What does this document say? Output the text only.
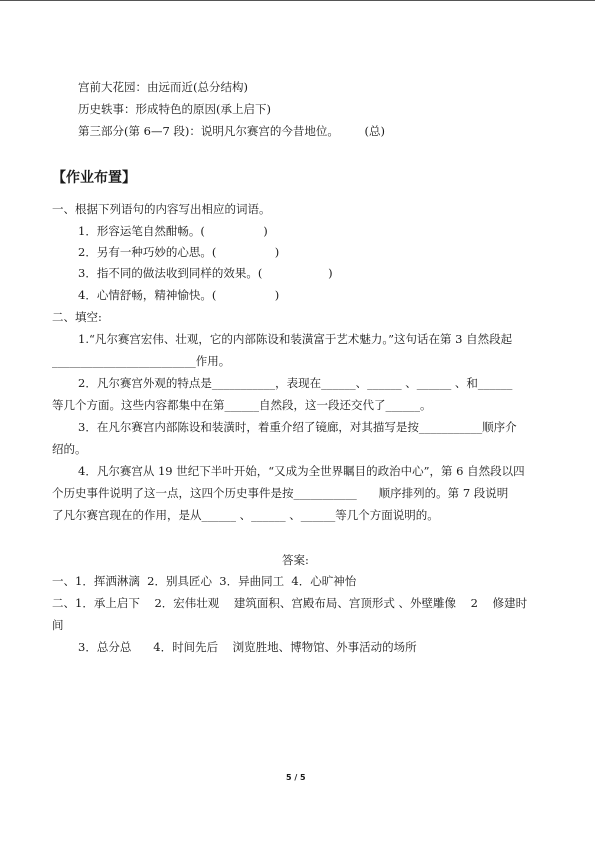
宫前大花园：由远而近(总分结构)
历史轶事：形成特色的原因(承上启下)
第三部分(第 6—7 段)：说明凡尔赛宫的今昔地位。       (总)
【作业布置】
一、根据下列语句的内容写出相应的词语。
1．形容运笔自然酣畅。(                )
2．另有一种巧妙的心思。(                )
3．指不同的做法收到同样的效果。(                  )
4．心情舒畅，精神愉快。(                )
二、填空:
1.“凡尔赛宫宏伟、壮观，它的内部陈设和装潢富于艺术魅力。”这句话在第 3 自然段起
_________________________作用。
2．凡尔赛宫外观的特点是___________，表现在______、______ 、______ 、和______
等几个方面。这些内容都集中在第______自然段，这一段还交代了______。
3．在凡尔赛宫内部陈设和装潢时，着重介绍了镜廊，对其描写是按___________顺序介
绍的。
4．凡尔赛宫从 19 世纪下半叶开始，“又成为全世界瞩目的政治中心”，第 6 自然段以四
个历史事件说明了这一点，这四个历史事件是按___________      顺序排列的。第 7 段说明
了凡尔赛宫现在的作用，是从______ 、______ 、______等几个方面说明的。
答案:
一、1．挥洒淋漓  2．别具匠心  3．异曲同工  4．心旷神怡
二、1．承上启下    2．宏伟壮观    建筑面积、宫殿布局、宫顶形式 、外壁雕像    2    修建时
间
3．总分总      4．时间先后    浏览胜地、博物馆、外事活动的场所
5 / 5
